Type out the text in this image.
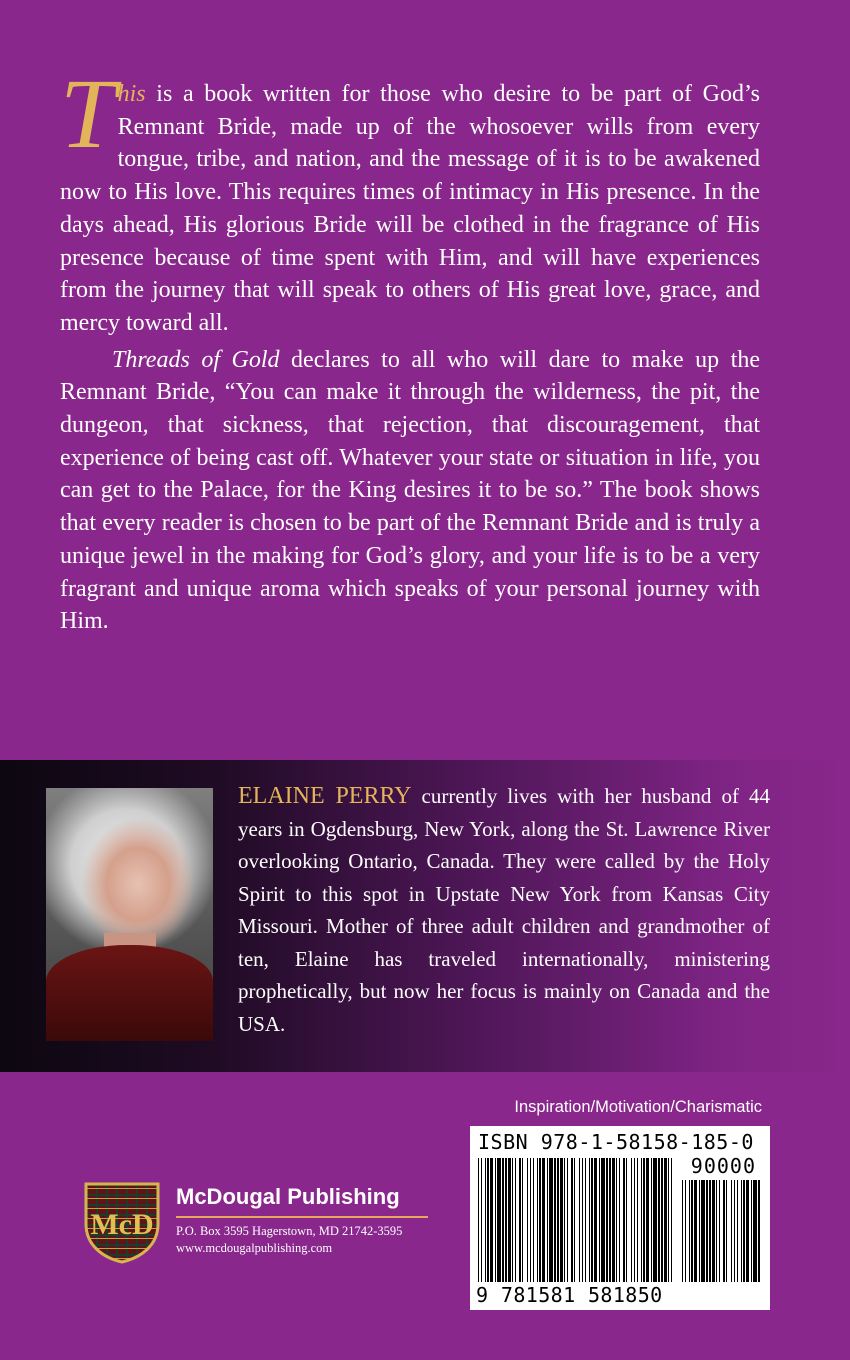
This is a book written for those who desire to be part of God’s Remnant Bride, made up of the whosoever wills from every tongue, tribe, and nation, and the message of it is to be awakened now to His love. This requires times of intimacy in His presence. In the days ahead, His glorious Bride will be clothed in the fragrance of His presence because of time spent with Him, and will have experiences from the journey that will speak to others of His great love, grace, and mercy toward all.

Threads of Gold declares to all who will dare to make up the Remnant Bride, “You can make it through the wilderness, the pit, the dungeon, that sickness, that rejection, that discouragement, that experience of being cast off. Whatever your state or situation in life, you can get to the Palace, for the King desires it to be so.” The book shows that every reader is chosen to be part of the Remnant Bride and is truly a unique jewel in the making for God’s glory, and your life is to be a very fragrant and unique aroma which speaks of your personal journey with Him.

ELAINE PERRY currently lives with her husband of 44 years in Ogdensburg, New York, along the St. Lawrence River overlooking Ontario, Canada. They were called by the Holy Spirit to this spot in Upstate New York from Kansas City Missouri. Mother of three adult children and grandmother of ten, Elaine has traveled internationally, ministering prophetically, but now her focus is mainly on Canada and the USA.
Inspiration/Motivation/Charismatic
ISBN 978-1-58158-185-0
90000
9 781581 581850
McD
McDougal Publishing
P.O. Box 3595 Hagerstown, MD 21742-3595
www.mcdougalpublishing.com
